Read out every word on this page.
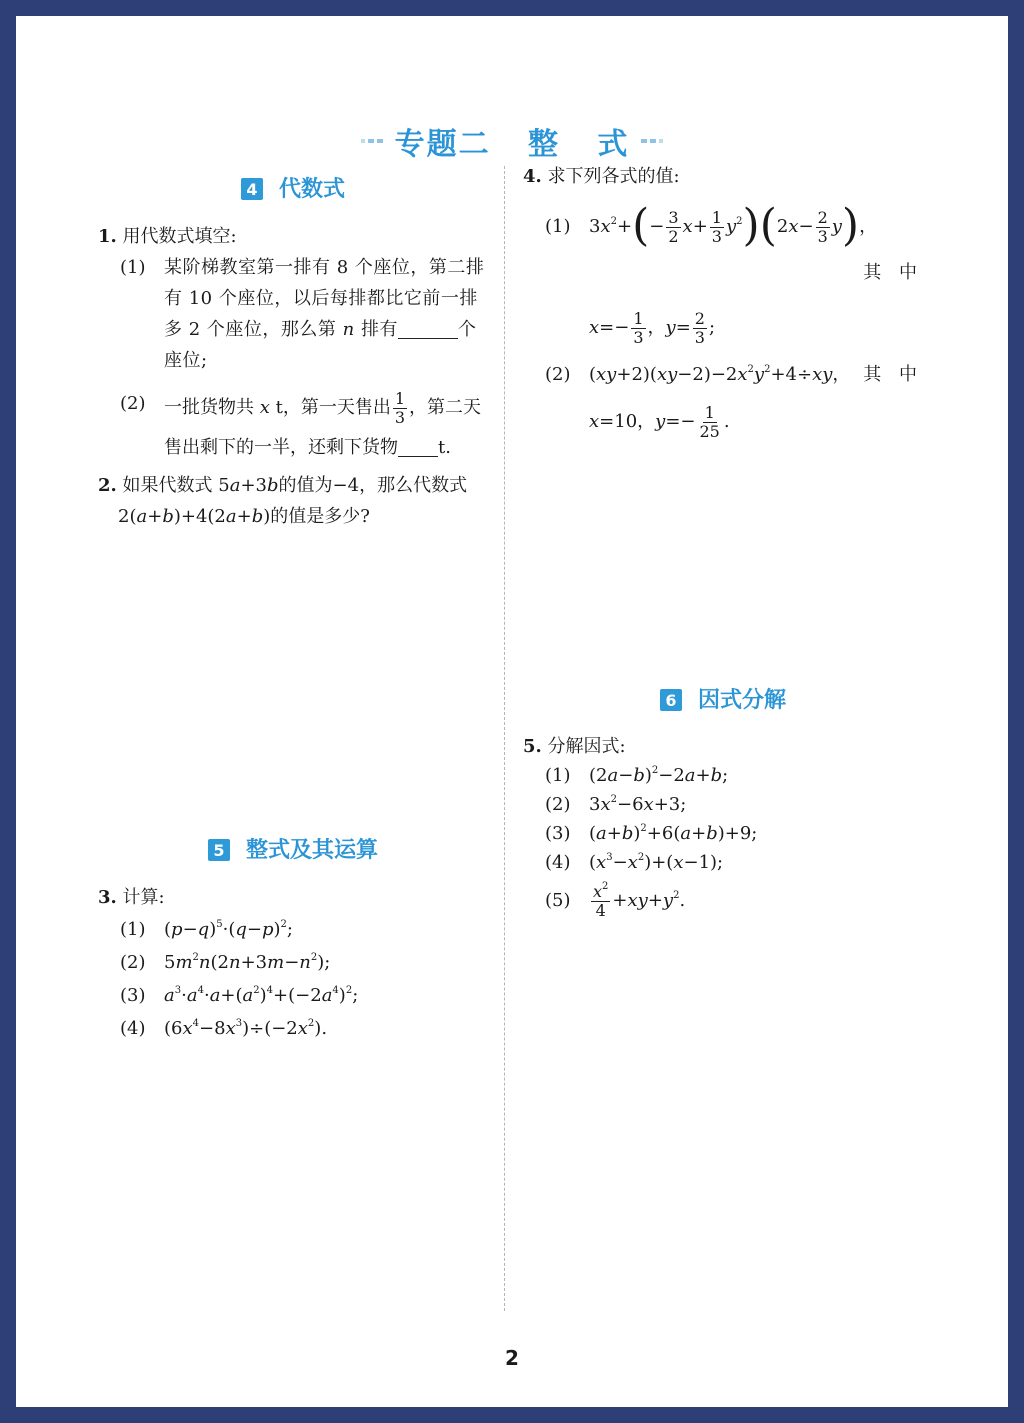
专题二   整   式
4 代数式
1. 用代数式填空:
(1)	某阶梯教室第一排有 8 个座位，第二排有 10 个座位，以后每排都比它前一排多 2 个座位，那么第 n 排有	个座位;
(2)	一批货物共 x t，第一天售出 $\frac{1}{3}$ ，第二天售出剩下的一半，还剩下货物 t.
2. 如果代数式 5a+3b的值为−4，那么代数式
2(a+b)+4(2a+b)的值是多少?
5 整式及其运算
3. 计算:
(1) $(p-q)^5\cdot(q-p)^2$;
(2) $5m^2n(2n+3m-n^2)$;
(3) $a^3\cdot a^4\cdot a+(a^2)^4+(-2a^4)^2$;
(4) $(6x^4-8x^3)\div(-2x^2)$.
4. 求下列各式的值:
(1)	$3x^2+(- \frac{3}{2} x+ \frac{1}{3} y^2)(2x- \frac{2}{3} y)$，
其 中
$x=- \frac{1}{3}$ ，$y= \frac{2}{3}$ ;
(2)	$(xy+2)(xy-2)-2x^2y^2+4\div xy$， 其 中
x=10，$y=- \frac{1}{25}$ .
6 因式分解
5. 分解因式:
(1) $(2a-b)^2-2a+b$;
(2) $3x^2-6x+3$;
(3) $(a+b)^2+6(a+b)+9$;
(4) $(x^3-x^2)+(x-1)$;
$(5) \frac{x^2}{4} +xy+y^2$.
2
